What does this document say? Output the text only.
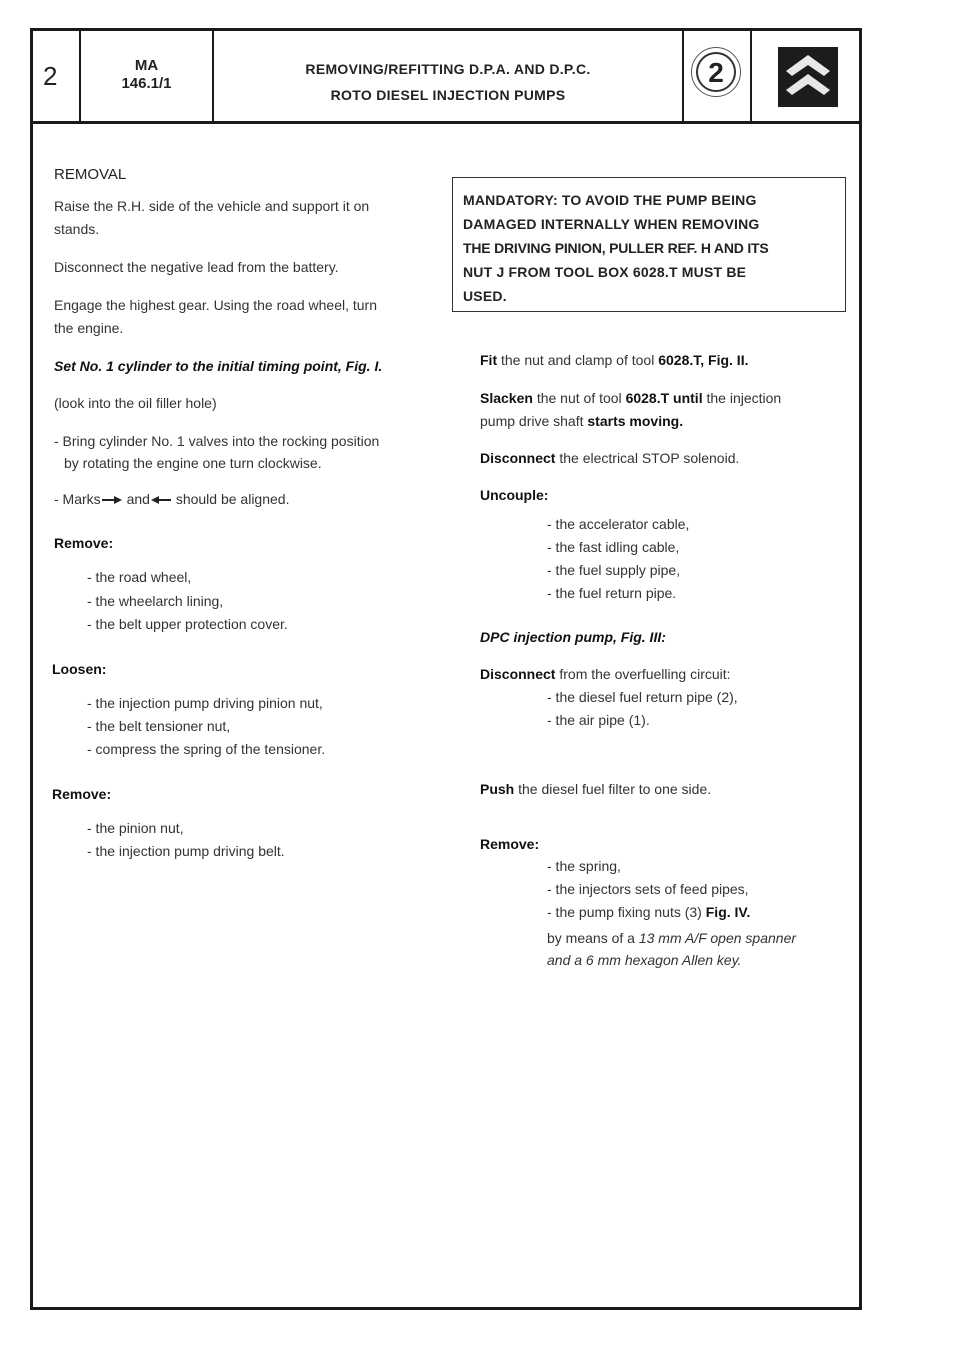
2	MA
146.1/1
REMOVING/REFITTING D.P.A. AND D.P.C.
ROTO DIESEL INJECTION PUMPS
2

REMOVAL

Raise the R.H. side of the vehicle and support it on

stands.

Disconnect the negative lead from the battery.

Engage the highest gear. Using the road wheel, turn

the engine.

Set No. 1 cylinder to the initial timing point, Fig. I.

(look into the oil filler hole)

- Bring cylinder No. 1 valves into the rocking position

by rotating the engine one turn clockwise.

- Marks and should be aligned.

Remove:

- the road wheel,

- the wheelarch lining,

- the belt upper protection cover.

Loosen:

- the injection pump driving pinion nut,

- the belt tensioner nut,

- compress the spring of the tensioner.

Remove:

- the pinion nut,

- the injection pump driving belt.

MANDATORY: TO AVOID THE PUMP BEING
DAMAGED INTERNALLY WHEN REMOVING
THE DRIVING PINION, PULLER REF. H AND ITS
NUT J FROM TOOL BOX 6028.T MUST BE
USED.

Fit the nut and clamp of tool 6028.T, Fig. II.

Slacken the nut of tool 6028.T until the injection

pump drive shaft starts moving.

Disconnect the electrical STOP solenoid.

Uncouple:

- the accelerator cable,

- the fast idling cable,

- the fuel supply pipe,

- the fuel return pipe.

DPC injection pump, Fig. III:

Disconnect from the overfuelling circuit:

- the diesel fuel return pipe (2),

- the air pipe (1).

Push the diesel fuel filter to one side.

Remove:

- the spring,

- the injectors sets of feed pipes,

- the pump fixing nuts (3) Fig. IV.

by means of a 13 mm A/F open spanner

and a 6 mm hexagon Allen key.
